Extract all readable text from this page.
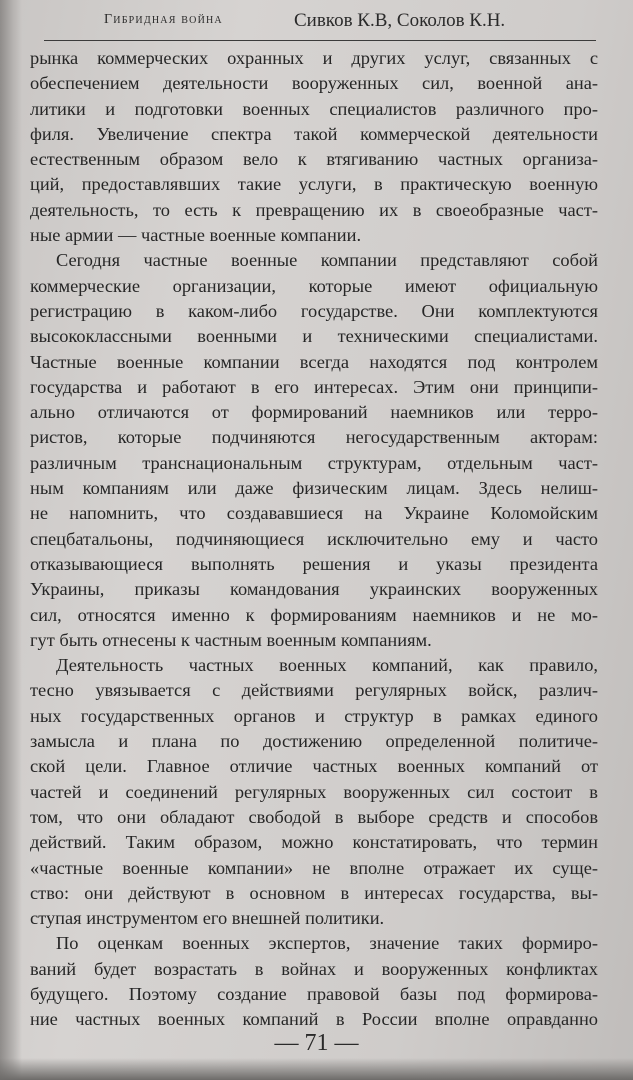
Гибридная война	Сивков К.В, Соколов К.Н.
рынка коммерческих охранных и других услуг, связанных с
обеспечением деятельности вооруженных сил, военной ана-
литики и подготовки военных специалистов различного про-
филя. Увеличение спектра такой коммерческой деятельности
естественным образом вело к втягиванию частных организа-
ций, предоставлявших такие услуги, в практическую военную
деятельность, то есть к превращению их в своеобразные част-
ные армии — частные военные компании.
Сегодня частные военные компании представляют собой
коммерческие организации, которые имеют официальную
регистрацию в каком-либо государстве. Они комплектуются
высококлассными военными и техническими специалистами.
Частные военные компании всегда находятся под контролем
государства и работают в его интересах. Этим они принципи-
ально отличаются от формирований наемников или терро-
ристов, которые подчиняются негосударственным акторам:
различным транснациональным структурам, отдельным част-
ным компаниям или даже физическим лицам. Здесь нелиш-
не напомнить, что создававшиеся на Украине Коломойским
спецбатальоны, подчиняющиеся исключительно ему и часто
отказывающиеся выполнять решения и указы президента
Украины, приказы командования украинских вооруженных
сил, относятся именно к формированиям наемников и не мо-
гут быть отнесены к частным военным компаниям.
Деятельность частных военных компаний, как правило,
тесно увязывается с действиями регулярных войск, различ-
ных государственных органов и структур в рамках единого
замысла и плана по достижению определенной политиче-
ской цели. Главное отличие частных военных компаний от
частей и соединений регулярных вооруженных сил состоит в
том, что они обладают свободой в выборе средств и способов
действий. Таким образом, можно констатировать, что термин
«частные военные компании» не вполне отражает их суще-
ство: они действуют в основном в интересах государства, вы-
ступая инструментом его внешней политики.
По оценкам военных экспертов, значение таких формиро-
ваний будет возрастать в войнах и вооруженных конфликтах
будущего. Поэтому создание правовой базы под формирова-
ние частных военных компаний в России вполне оправданно
— 71 —
